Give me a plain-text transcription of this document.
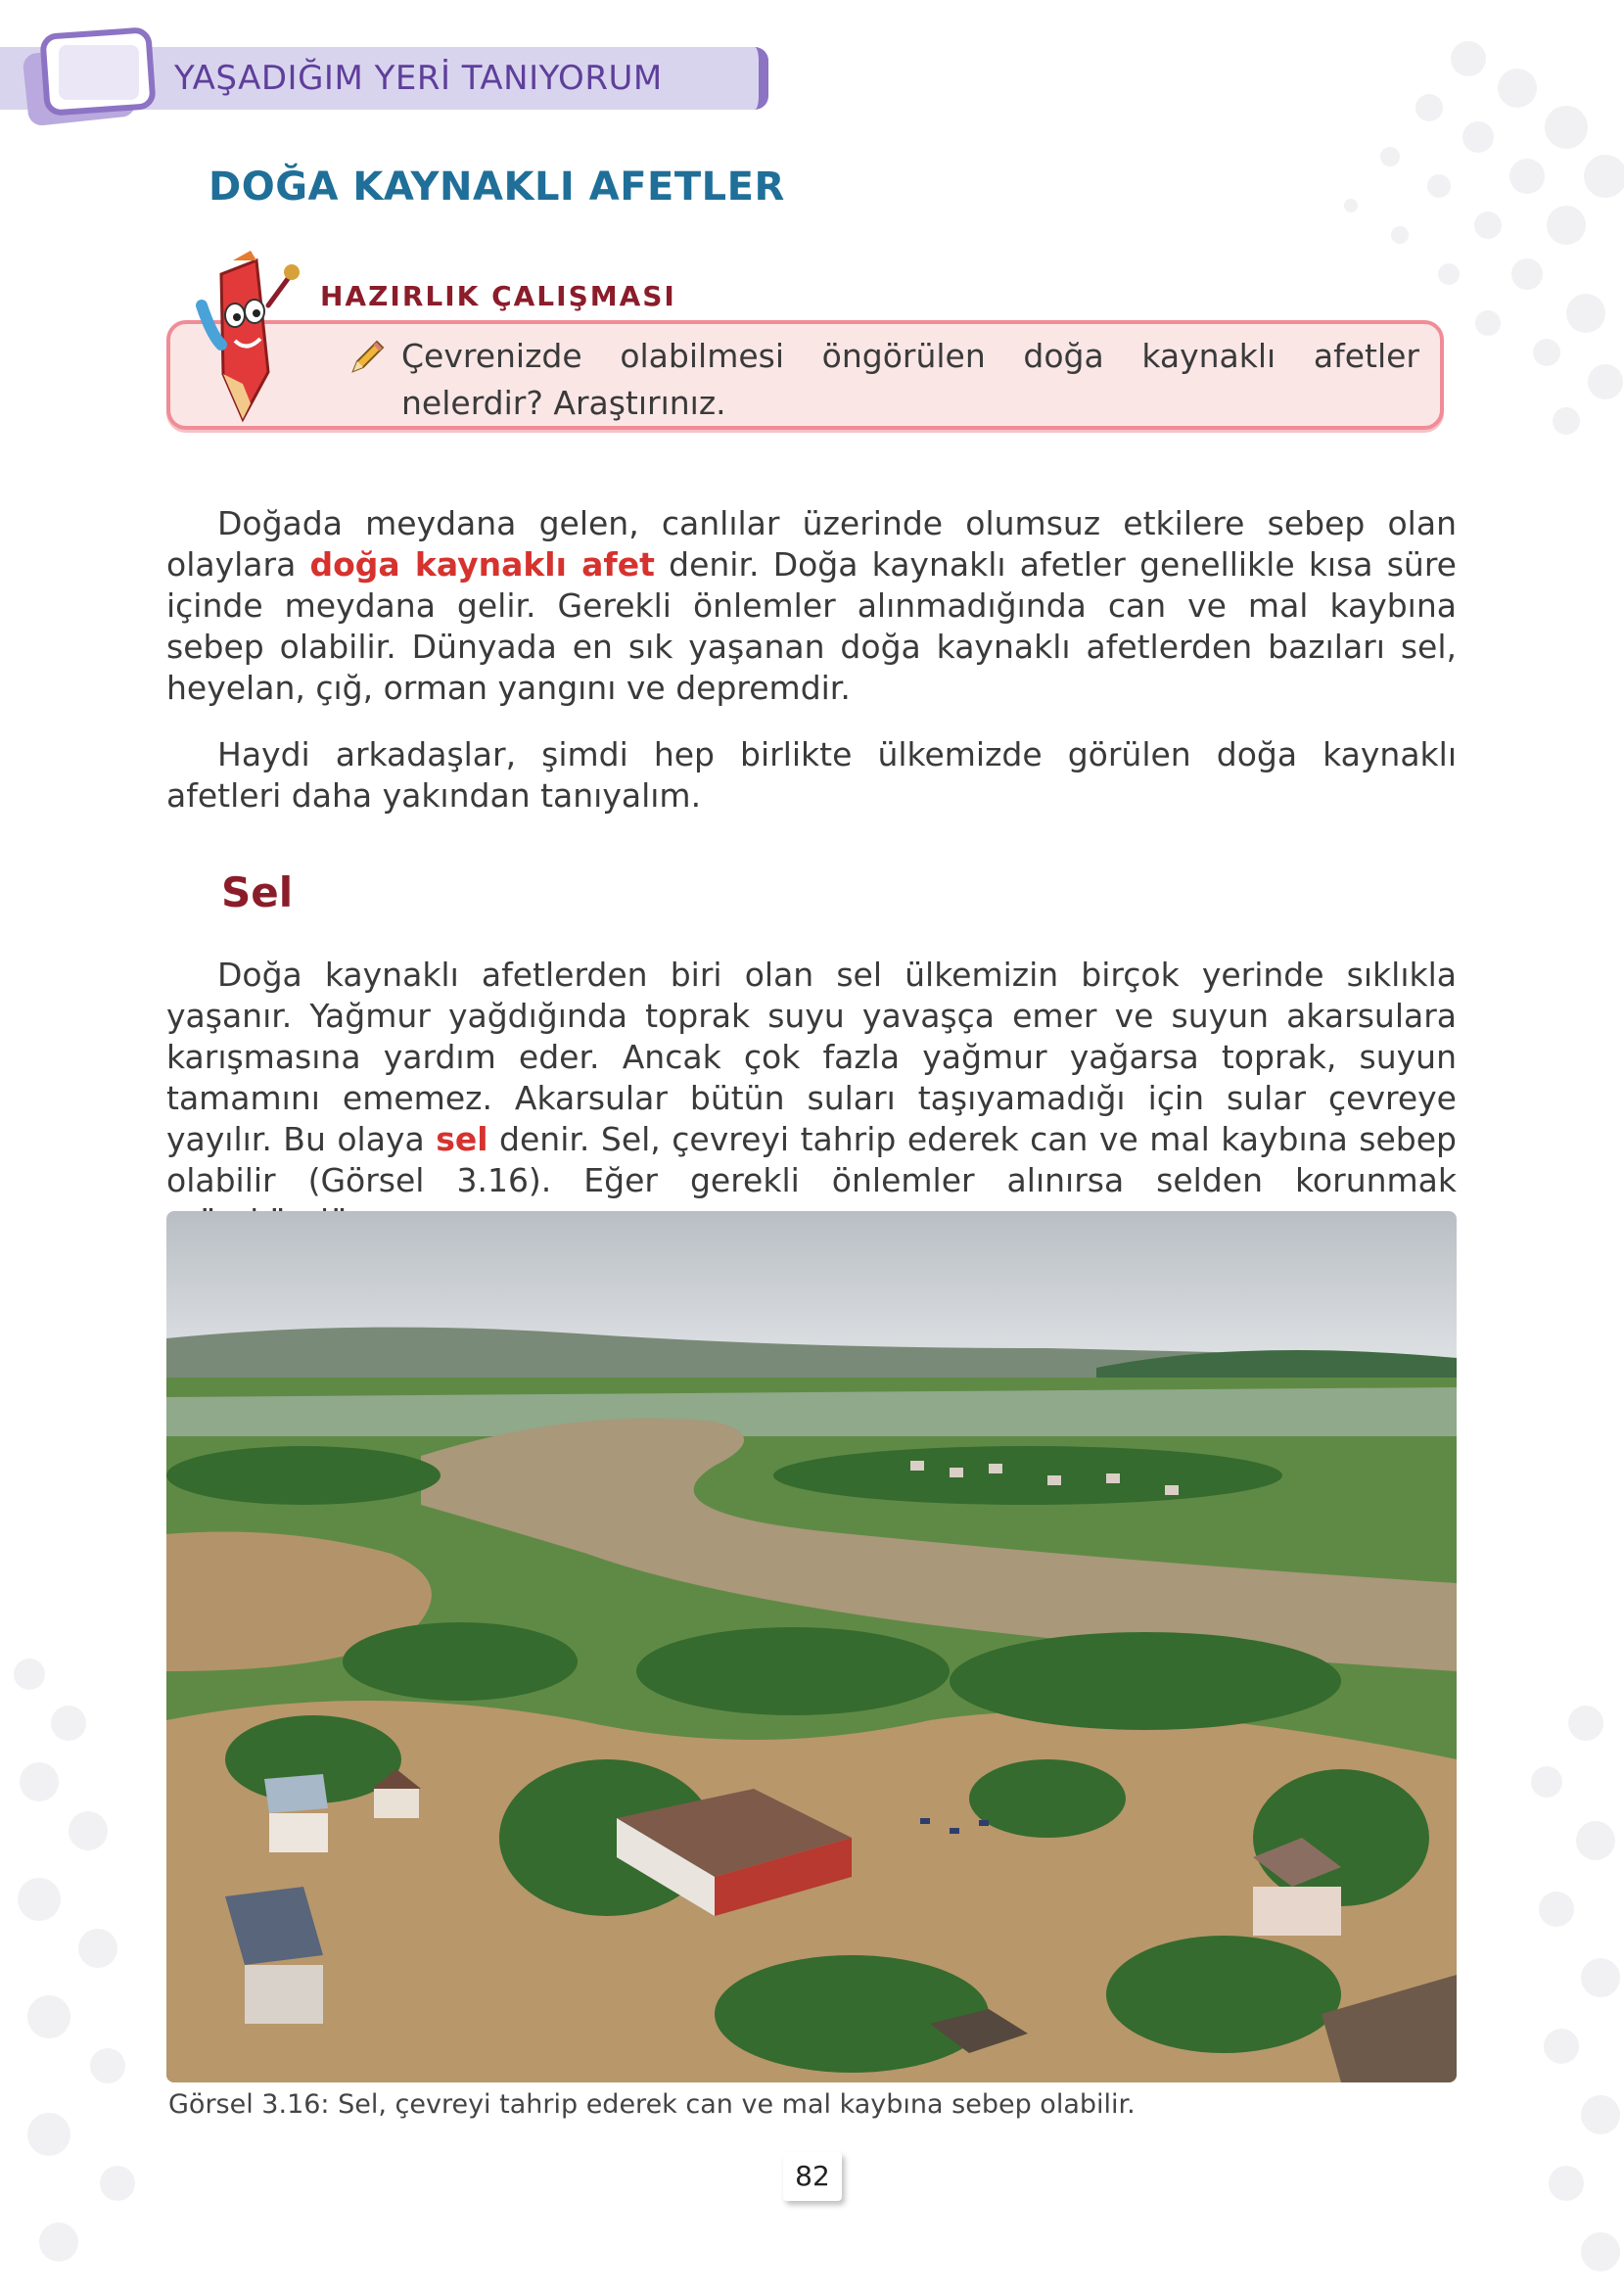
YAŞADIĞIM YERİ TANIYORUM
DOĞA KAYNAKLI AFETLER
HAZIRLIK ÇALIŞMASI
Çevrenizde olabilmesi öngörülen doğa kaynaklı afetler nelerdir? Araştırınız.

Doğada meydana gelen, canlılar üzerinde olumsuz etkilere sebep olan olaylara doğa kaynaklı afet denir. Doğa kaynaklı afetler genellikle kısa süre içinde meydana gelir. Gerekli önlemler alınmadığında can ve mal kaybına sebep olabilir. Dünyada en sık yaşanan doğa kaynaklı afetlerden bazıları sel, heyelan, çığ, orman yangını ve depremdir.

Haydi arkadaşlar, şimdi hep birlikte ülkemizde görülen doğa kaynaklı afetleri daha yakından tanıyalım.

Sel

Doğa kaynaklı afetlerden biri olan sel ülkemizin birçok yerinde sıklıkla yaşanır. Yağmur yağdığında toprak suyu yavaşça emer ve suyun akarsulara karışmasına yardım eder. Ancak çok fazla yağmur yağarsa toprak, suyun tamamını ememez. Akarsular bütün suları taşıyamadığı için sular çevreye yayılır. Bu olaya sel denir. Sel, çevreyi tahrip ederek can ve mal kaybına sebep olabilir (Görsel 3.16). Eğer gerekli önlemler alınırsa selden korunmak

Görsel 3.16: Sel, çevreyi tahrip ederek can ve mal kaybına sebep olabilir.
82
